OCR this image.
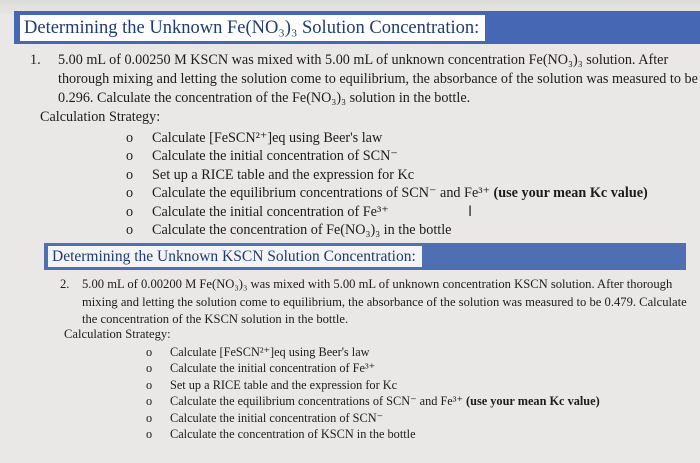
Determining the Unknown Fe(NO₃)₃ Solution Concentration:
1. 5.00 mL of 0.00250 M KSCN was mixed with 5.00 mL of unknown concentration Fe(NO₃)₃ solution. After thorough mixing and letting the solution come to equilibrium, the absorbance of the solution was measured to be 0.296. Calculate the concentration of the Fe(NO₃)₃ solution in the bottle.
Calculation Strategy:
o Calculate [FeSCN²⁺]eq using Beer's law
o Calculate the initial concentration of SCN⁻
o Set up a RICE table and the expression for Kc
o Calculate the equilibrium concentrations of SCN⁻ and Fe³⁺ (use your mean Kc value)
o Calculate the initial concentration of Fe³⁺
o Calculate the concentration of Fe(NO₃)₃ in the bottle
I
Determining the Unknown KSCN Solution Concentration:
2. 5.00 mL of 0.00200 M Fe(NO₃)₃ was mixed with 5.00 mL of unknown concentration KSCN solution. After thorough mixing and letting the solution come to equilibrium, the absorbance of the solution was measured to be 0.479. Calculate the concentration of the KSCN solution in the bottle.
Calculation Strategy:
o Calculate [FeSCN²⁺]eq using Beer's law
o Calculate the initial concentration of Fe³⁺
o Set up a RICE table and the expression for Kc
o Calculate the equilibrium concentrations of SCN⁻ and Fe³⁺ (use your mean Kc value)
o Calculate the initial concentration of SCN⁻
o Calculate the concentration of KSCN in the bottle
